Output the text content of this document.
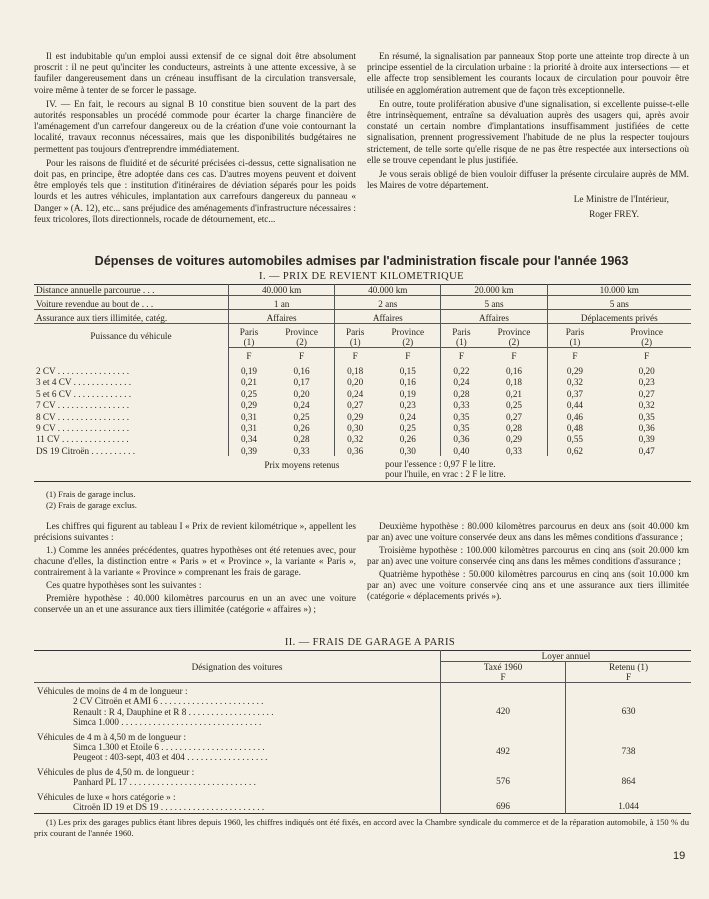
Il est indubitable qu'un emploi aussi extensif de ce signal doit être absolument proscrit : il ne peut qu'inciter les conducteurs, astreints à une attente excessive, à se faufiler dangereusement dans un créneau insuffisant de la circulation transversale, voire même à tenter de se forcer le passage.

IV. — En fait, le recours au signal B 10 constitue bien souvent de la part des autorités responsables un procédé commode pour écarter la charge financière de l'aménagement d'un carrefour dangereux ou de la création d'une voie contournant la localité, travaux reconnus nécessaires, mais que les disponibilités budgétaires ne permettent pas toujours d'entreprendre immédiatement.

Pour les raisons de fluidité et de sécurité précisées ci-dessus, cette signalisation ne doit pas, en principe, être adoptée dans ces cas. D'autres moyens peuvent et doivent être employés tels que : institution d'itinéraires de déviation séparés pour les poids lourds et les autres véhicules, implantation aux carrefours dangereux du panneau « Danger » (A. 12), etc... sans préjudice des aménagements d'infrastructure nécessaires : feux tricolores, îlots directionnels, rocade de détournement, etc...

En résumé, la signalisation par panneaux Stop porte une atteinte trop directe à un principe essentiel de la circulation urbaine : la priorité à droite aux intersections — et elle affecte trop sensiblement les courants locaux de circulation pour pouvoir être utilisée en agglomération autrement que de façon très exceptionnelle.

En outre, toute prolifération abusive d'une signalisation, si excellente puisse-t-elle être intrinsèquement, entraîne sa dévaluation auprès des usagers qui, après avoir constaté un certain nombre d'implantations insuffisamment justifiées de cette signalisation, prennent progressivement l'habitude de ne plus la respecter toujours strictement, de telle sorte qu'elle risque de ne pas être respectée aux intersections où elle se trouve cependant le plus justifiée.

Je vous serais obligé de bien vouloir diffuser la présente circulaire auprès de MM. les Maires de votre département.

Le Ministre de l'Intérieur,

Roger FREY.

Dépenses de voitures automobiles admises par l'administration fiscale pour l'année 1963
I. — PRIX DE REVIENT KILOMETRIQUE
Distance annuelle parcourue . . .	40.000 km		40.000 km		20.000 km		10.000 km	
Voiture revendue au bout de . . .	1 an		2 ans		5 ans		5 ans	
Assurance aux tiers illimitée, catég.	Affaires		Affaires		Affaires		Déplacements privés	
Puissance du véhicule	Paris	Province	Paris	Province	Paris	Province	Paris	Province
	(1)	(2)	(1)	(2)	(1)	(2)	(1)	(2)
	F	F	F	F	F	F	F	F
2 CV . . . . . . . . . . . . . . . .	0,19	0,16	0,18	0,15	0,22	0,16	0,29	0,20
3 et 4 CV . . . . . . . . . . . . .	0,21	0,17	0,20	0,16	0,24	0,18	0,32	0,23
5 et 6 CV . . . . . . . . . . . . .	0,25	0,20	0,24	0,19	0,28	0,21	0,37	0,27
7 CV . . . . . . . . . . . . . . . .	0,29	0,24	0,27	0,23	0,33	0,25	0,44	0,32
8 CV . . . . . . . . . . . . . . . .	0,31	0,25	0,29	0,24	0,35	0,27	0,46	0,35
9 CV . . . . . . . . . . . . . . . .	0,31	0,26	0,30	0,25	0,35	0,28	0,48	0,36
11 CV . . . . . . . . . . . . . . .	0,34	0,28	0,32	0,26	0,36	0,29	0,55	0,39
DS 19 Citroën . . . . . . . . . .	0,39	0,33	0,36	0,30	0,40	0,33	0,62	0,47
	Prix moyens retenus			pour l'essence : 0,97 F le litre.
pour l'huile, en vrac : 2 F le litre.				
(1) Frais de garage inclus.
(2) Frais de garage exclus.

Les chiffres qui figurent au tableau I « Prix de revient kilométrique », appellent les précisions suivantes :

1.) Comme les années précédentes, quatres hypothèses ont été retenues avec, pour chacune d'elles, la distinction entre « Paris » et « Province », la variante « Paris », contrairement à la variante « Province » comprenant les frais de garage.

Ces quatre hypothèses sont les suivantes :

Première hypothèse : 40.000 kilomètres parcourus en un an avec une voiture conservée un an et une assurance aux tiers illimitée (catégorie « affaires ») ;

Deuxième hypothèse : 80.000 kilomètres parcourus en deux ans (soit 40.000 km par an) avec une voiture conservée deux ans dans les mêmes conditions d'assurance ;

Troisième hypothèse : 100.000 kilomètres parcourus en cinq ans (soit 20.000 km par an) avec une voiture conservée cinq ans dans les mêmes conditions d'assurance ;

Quatrième hypothèse : 50.000 kilomètres parcourus en cinq ans (soit 10.000 km par an) avec une voiture conservée cinq ans et une assurance aux tiers illimitée (catégorie « déplacements privés »).

II. — FRAIS DE GARAGE A PARIS
Désignation des voitures	Loyer annuel	
	Taxé 1960	Retenu (1)
	F	F

Véhicules de moins de 4 m de longueur :
2 CV Citroën et AMI 6 . . . . . . . . . . . . . . . . . . . . . . .
Renault : R 4, Dauphine et R 8 . . . . . . . . . . . . . . . . . . .
Simca 1.000 . . . . . . . . . . . . . . . . . . . . . . . . . . . . . . .	420	630

Véhicules de 4 m à 4,50 m de longueur :
Simca 1.300 et Etoile 6 . . . . . . . . . . . . . . . . . . . . . . .
Peugeot : 403-sept, 403 et 404 . . . . . . . . . . . . . . . . . .	492	738

Véhicules de plus de 4,50 m. de longueur :
Panhard PL 17 . . . . . . . . . . . . . . . . . . . . . . . . . . . .	576	864

Véhicules de luxe « hors catégorie » :
Citroën ID 19 et DS 19 . . . . . . . . . . . . . . . . . . . . . . .	696	1.044
(1) Les prix des garages publics étant libres depuis 1960, les chiffres indiqués ont été fixés, en accord avec la Chambre syndicale du commerce et de la réparation automobile, à 150 % du prix courant de l'année 1960.
19
